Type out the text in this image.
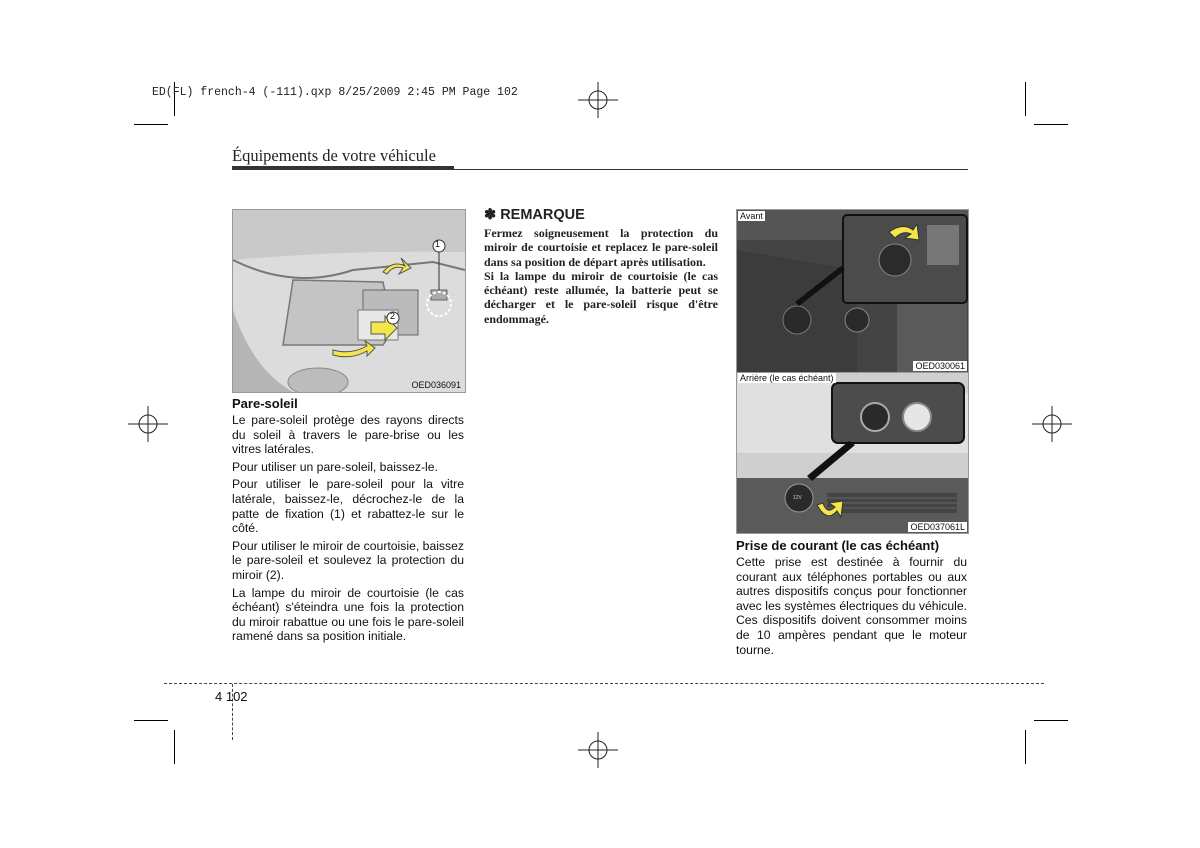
ED(FL) french-4 (-111).qxp 8/25/2009 2:45 PM Page 102
Équipements de votre véhicule
1
2
OED036091
Pare-soleil

Le pare-soleil protège des rayons directs du soleil à travers le pare-brise ou les vitres latérales.

Pour utiliser un pare-soleil, baissez-le.

Pour utiliser le pare-soleil pour la vitre latérale, baissez-le, décrochez-le de la patte de fixation (1) et rabattez-le sur le côté.

Pour utiliser le miroir de courtoisie, baissez le pare-soleil et soulevez la protection du miroir (2).

La lampe du miroir de courtoisie (le cas échéant) s'éteindra une fois la protection du miroir rabattue ou une fois le pare-soleil ramené dans sa position initiale.

✽ REMARQUE

Fermez soigneusement la protection du miroir de courtoisie et replacez le pare-soleil dans sa position de départ après utilisation.

Si la lampe du miroir de courtoisie (le cas échéant) reste allumée, la batterie peut se décharger et le pare-soleil risque d'être endommagé.

Avant
OED030061
12V
Arrière (le cas échéant)
OED037061L
Prise de courant (le cas échéant)

Cette prise est destinée à fournir du courant aux téléphones portables ou aux autres dispositifs conçus pour fonctionner avec les systèmes électriques du véhicule. Ces dispositifs doivent consommer moins de 10 ampères pendant que le moteur tourne.

4 102
